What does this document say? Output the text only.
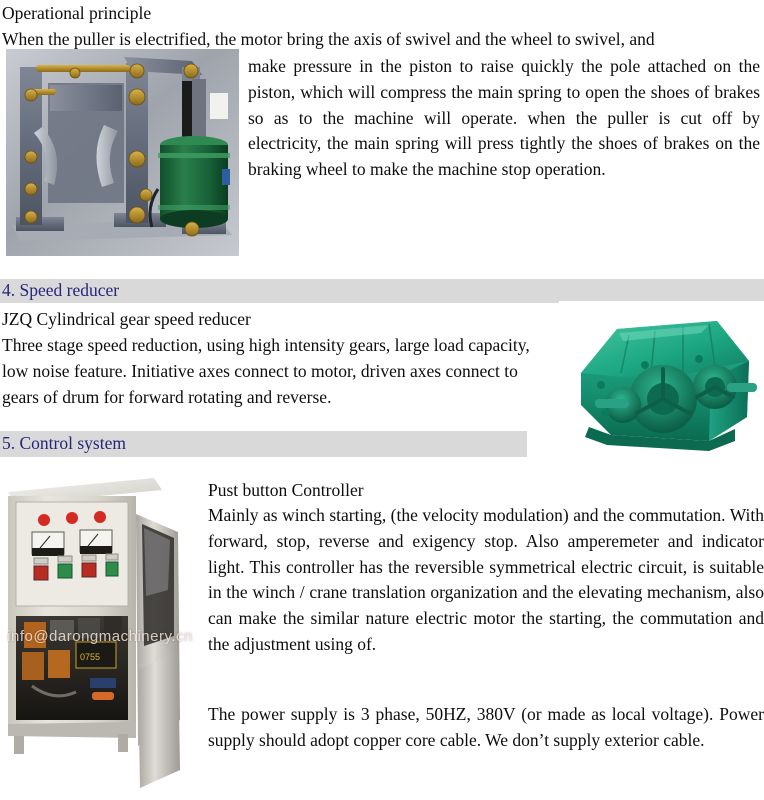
Operational principle
When the puller is electrified, the motor bring the axis of swivel and the wheel to swivel, and
make pressure in the piston to raise quickly the pole attached on the piston, which will compress the main spring to open the shoes of brakes so as to the machine will operate. when the puller is cut off by electricity, the main spring will press tightly the shoes of brakes on the braking wheel to make the machine stop operation.
4. Speed reducer
JZQ Cylindrical gear speed reducer
Three stage speed reduction, using high intensity gears, large load capacity, low noise feature. Initiative axes connect to motor, driven axes connect to gears of drum for forward rotating and reverse.
5. Control system
0755
info@darongmachinery.cn
Pust button Controller
Mainly as winch starting, (the velocity modulation) and the commutation. With forward, stop, reverse and exigency stop. Also amperemeter and indicator light. This controller has the reversible symmetrical electric circuit, is suitable in the winch / crane translation organization and the elevating mechanism, also can make the similar nature electric motor the starting, the commutation and the adjustment using of.
The power supply is 3 phase, 50HZ, 380V (or made as local voltage). Power supply should adopt copper core cable. We don’t supply exterior cable.
